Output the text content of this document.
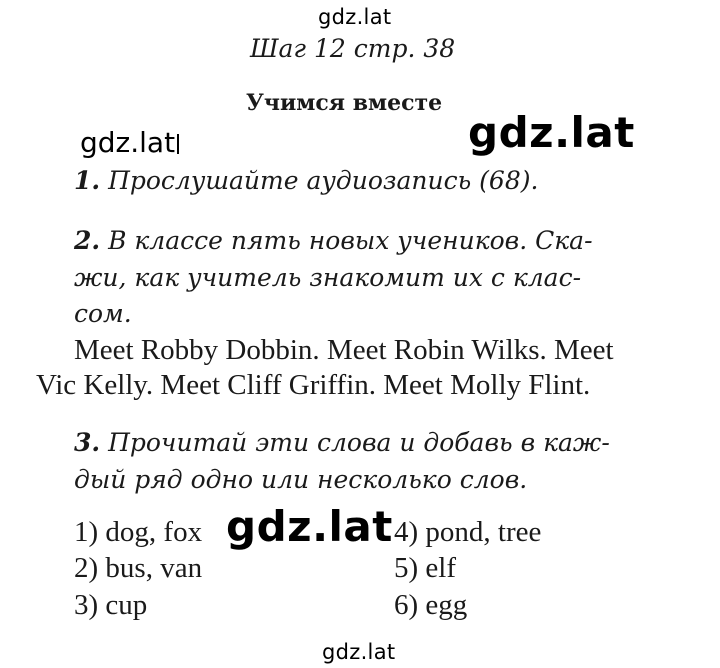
gdz.lat
gdz.lat	gdz.lat
gdz.lat
gdz.lat
Шаг 12 стр. 38
Учимся вместе
1. Прослушайте аудиозапись (68).
2. В классе пять новых учеников. Ска-
жи, как учитель знакомит их с клас-
сом.
Meet Robby Dobbin. Meet Robin Wilks. Meet
Vic Kelly. Meet Cliff Griffin. Meet Molly Flint.
3. Прочитай эти слова и добавь в каж-
дый ряд одно или несколько слов.
1) dog, fox
2) bus, van
3) cup
4) pond, tree
5) elf
6) egg
